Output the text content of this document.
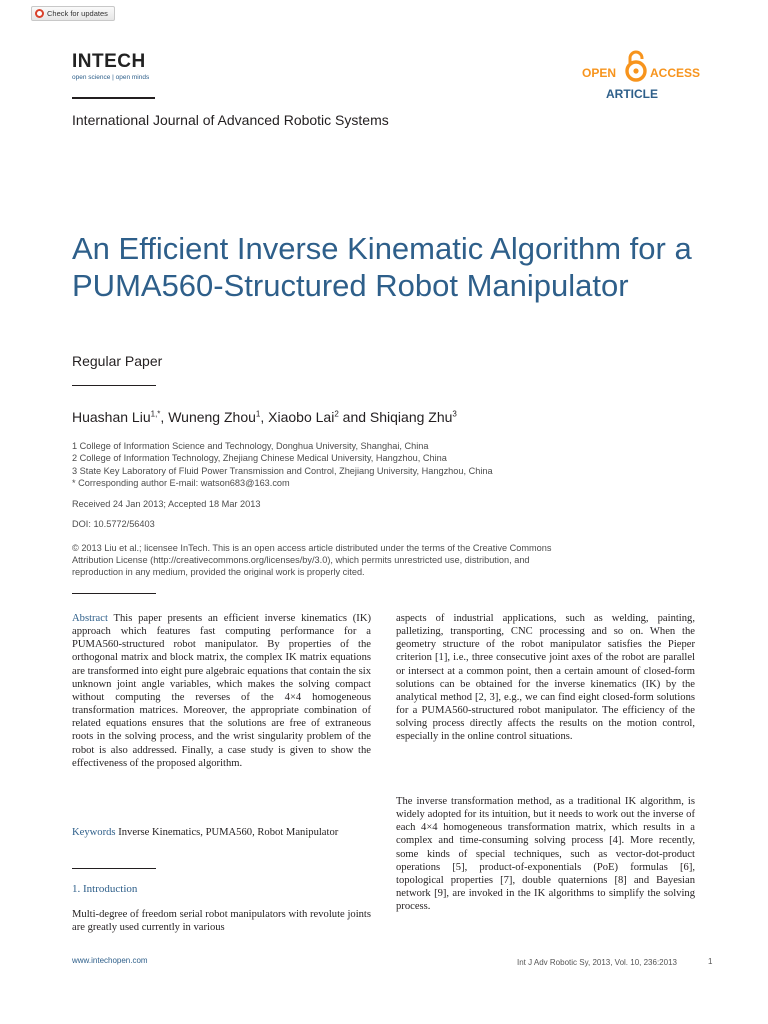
Check for updates
INTECH
open science | open minds	OPEN	ACCESS
ARTICLE
International Journal of Advanced Robotic Systems
An Efficient Inverse Kinematic Algorithm for a PUMA560-Structured Robot Manipulator
Regular Paper
Huashan Liu$^{1,*}$, Wuneng Zhou$^1$, Xiaobo Lai$^2$ and Shiqiang Zhu$^3$
1 College of Information Science and Technology, Donghua University, Shanghai, China
2 College of Information Technology, Zhejiang Chinese Medical University, Hangzhou, China
3 State Key Laboratory of Fluid Power Transmission and Control, Zhejiang University, Hangzhou, China
* Corresponding author E-mail: watson683@163.com
Received 24 Jan 2013; Accepted 18 Mar 2013
DOI: 10.5772/56403
© 2013 Liu et al.; licensee InTech. This is an open access article distributed under the terms of the Creative Commons Attribution License (http://creativecommons.org/licenses/by/3.0), which permits unrestricted use, distribution, and reproduction in any medium, provided the original work is properly cited.
Abstract This paper presents an efficient inverse kinematics (IK) approach which features fast computing performance for a PUMA560-structured robot manipulator. By properties of the orthogonal matrix and block matrix, the complex IK matrix equations are transformed into eight pure algebraic equations that contain the six unknown joint angle variables, which makes the solving compact without computing the reverses of the 4×4 homogeneous transformation matrices. Moreover, the appropriate combination of related equations ensures that the solutions are free of extraneous roots in the solving process, and the wrist singularity problem of the robot is also addressed. Finally, a case study is given to show the effectiveness of the proposed algorithm.
Keywords Inverse Kinematics, PUMA560, Robot Manipulator
1. Introduction
Multi-degree of freedom serial robot manipulators with revolute joints are greatly used currently in various
aspects of industrial applications, such as welding, painting, palletizing, transporting, CNC processing and so on. When the geometry structure of the robot manipulator satisfies the Pieper criterion [1], i.e., three consecutive joint axes of the robot are parallel or intersect at a common point, then a certain amount of closed-form solutions can be obtained for the inverse kinematics (IK) by the analytical method [2, 3], e.g., we can find eight closed-form solutions for a PUMA560-structured robot manipulator. The efficiency of the solving process directly affects the results on the motion control, especially in the online control situations.
The inverse transformation method, as a traditional IK algorithm, is widely adopted for its intuition, but it needs to work out the inverse of each 4×4 homogeneous transformation matrix, which results in a complex and time-consuming solving process [4]. More recently, some kinds of special techniques, such as vector-dot-product operations [5], product-of-exponentials (PoE) formulas [6], topological properties [7], double quaternions [8] and Bayesian network [9], are invoked in the IK algorithms to simplify the solving process.
www.intechopen.com	Int J Adv Robotic Sy, 2013, Vol. 10, 236:2013	1
